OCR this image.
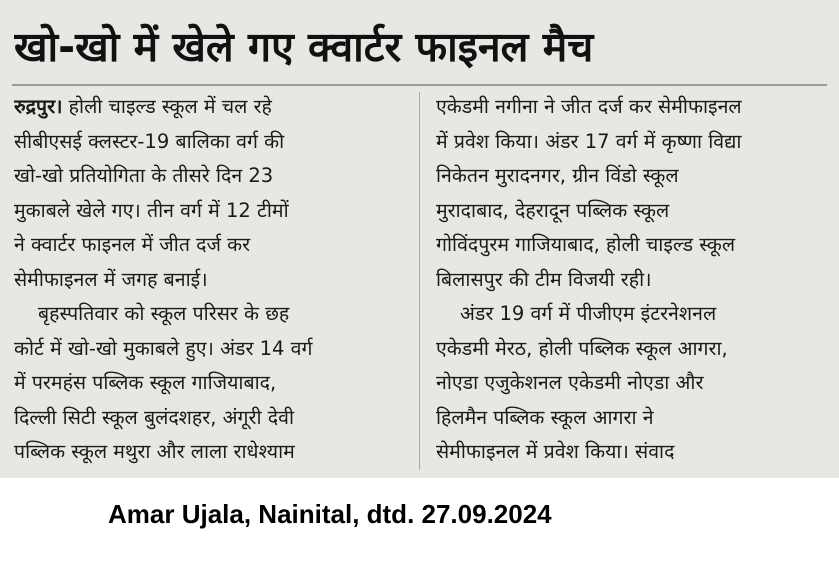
खो-खो में खेले गए क्वार्टर फाइनल मैच
रुद्रपुर। होली चाइल्ड स्कूल में चल रहे
सीबीएसई क्लस्टर-19 बालिका वर्ग की
खो-खो प्रतियोगिता के तीसरे दिन 23
मुकाबले खेले गए। तीन वर्ग में 12 टीमों
ने क्वार्टर फाइनल में जीत दर्ज कर
सेमीफाइनल में जगह बनाई।
बृहस्पतिवार को स्कूल परिसर के छह
कोर्ट में खो-खो मुकाबले हुए। अंडर 14 वर्ग
में परमहंस पब्लिक स्कूल गाजियाबाद,
दिल्ली सिटी स्कूल बुलंदशहर, अंगूरी देवी
पब्लिक स्कूल मथुरा और लाला राधेश्याम
एकेडमी नगीना ने जीत दर्ज कर सेमीफाइनल
में प्रवेश किया। अंडर 17 वर्ग में कृष्णा विद्या
निकेतन मुरादनगर, ग्रीन विंडो स्कूल
मुरादाबाद, देहरादून पब्लिक स्कूल
गोविंदपुरम गाजियाबाद, होली चाइल्ड स्कूल
बिलासपुर की टीम विजयी रही।
अंडर 19 वर्ग में पीजीएम इंटरनेशनल
एकेडमी मेरठ, होली पब्लिक स्कूल आगरा,
नोएडा एजुकेशनल एकेडमी नोएडा और
हिलमैन पब्लिक स्कूल आगरा ने
सेमीफाइनल में प्रवेश किया। संवाद
Amar Ujala, Nainital, dtd. 27.09.2024
